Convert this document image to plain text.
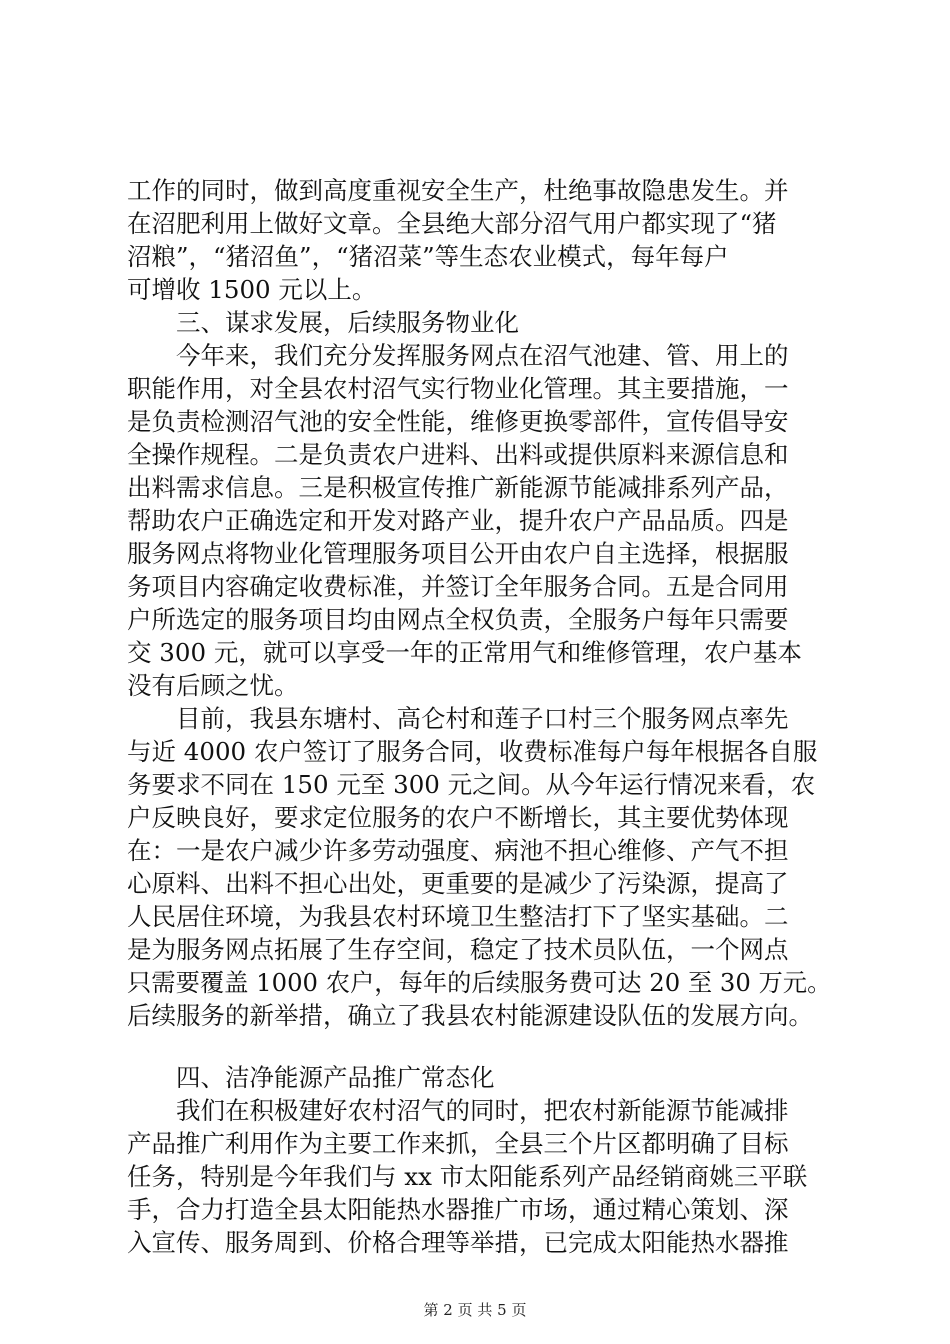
工作的同时，做到高度重视安全生产，杜绝事故隐患发生。并
在沼肥利用上做好文章。全县绝大部分沼气用户都实现了“猪
沼粮”，“猪沼鱼”，“猪沼菜”等生态农业模式，每年每户
可增收 1500 元以上。
三、谋求发展，后续服务物业化
今年来，我们充分发挥服务网点在沼气池建、管、用上的
职能作用，对全县农村沼气实行物业化管理。其主要措施，一
是负责检测沼气池的安全性能，维修更换零部件，宣传倡导安
全操作规程。二是负责农户进料、出料或提供原料来源信息和
出料需求信息。三是积极宣传推广新能源节能减排系列产品，
帮助农户正确选定和开发对路产业，提升农户产品品质。四是
服务网点将物业化管理服务项目公开由农户自主选择，根据服
务项目内容确定收费标准，并签订全年服务合同。五是合同用
户所选定的服务项目均由网点全权负责，全服务户每年只需要
交 300 元，就可以享受一年的正常用气和维修管理，农户基本
没有后顾之忧。
目前，我县东塘村、高仑村和莲子口村三个服务网点率先
与近 4000 农户签订了服务合同，收费标准每户每年根据各自服
务要求不同在 150 元至 300 元之间。从今年运行情况来看，农
户反映良好，要求定位服务的农户不断增长，其主要优势体现
在：一是农户减少许多劳动强度、病池不担心维修、产气不担
心原料、出料不担心出处，更重要的是减少了污染源，提高了
人民居住环境，为我县农村环境卫生整洁打下了坚实基础。二
是为服务网点拓展了生存空间，稳定了技术员队伍，一个网点
只需要覆盖 1000 农户，每年的后续服务费可达 20 至 30 万元。
后续服务的新举措，确立了我县农村能源建设队伍的发展方向。
四、洁净能源产品推广常态化
我们在积极建好农村沼气的同时，把农村新能源节能减排
产品推广利用作为主要工作来抓，全县三个片区都明确了目标
任务，特别是今年我们与 xx 市太阳能系列产品经销商姚三平联
手，合力打造全县太阳能热水器推广市场，通过精心策划、深
入宣传、服务周到、价格合理等举措，已完成太阳能热水器推
第 2 页 共 5 页
